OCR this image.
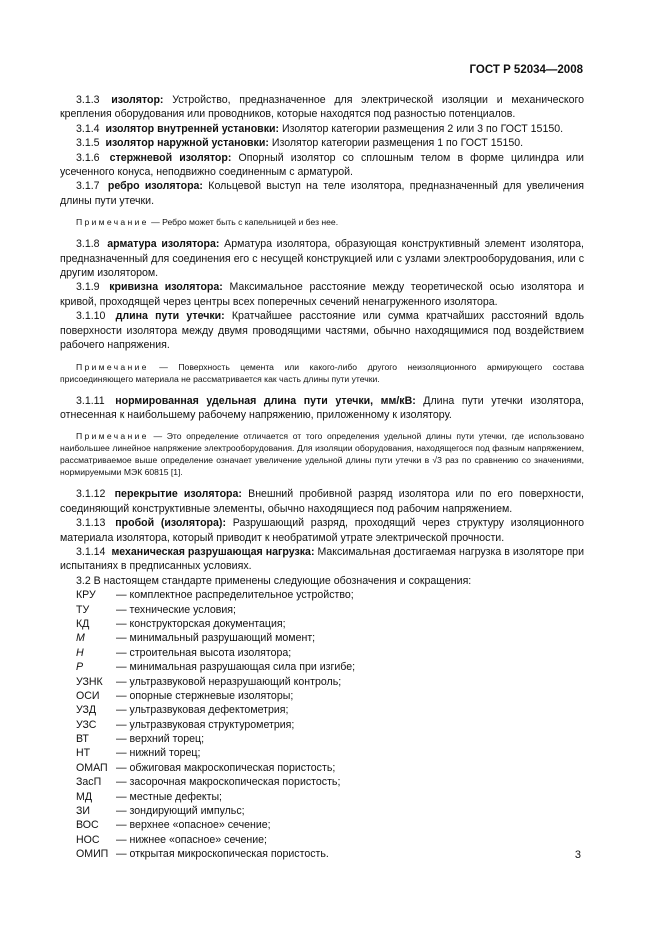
ГОСТ Р 52034—2008

3.1.3 изолятор: Устройство, предназначенное для электрической изоляции и механического крепления оборудования или проводников, которые находятся под разностью потенциалов.

3.1.4 изолятор внутренней установки: Изолятор категории размещения 2 или 3 по ГОСТ 15150.

3.1.5 изолятор наружной установки: Изолятор категории размещения 1 по ГОСТ 15150.

3.1.6 стержневой изолятор: Опорный изолятор со сплошным телом в форме цилиндра или усеченного конуса, неподвижно соединенным с арматурой.

3.1.7 ребро изолятора: Кольцевой выступ на теле изолятора, предназначенный для увеличения длины пути утечки.

Примечание — Ребро может быть с капельницей и без нее.

3.1.8 арматура изолятора: Арматура изолятора, образующая конструктивный элемент изолятора, предназначенный для соединения его с несущей конструкцией или с узлами электрооборудования, или с другим изолятором.

3.1.9 кривизна изолятора: Максимальное расстояние между теоретической осью изолятора и кривой, проходящей через центры всех поперечных сечений ненагруженного изолятора.

3.1.10 длина пути утечки: Кратчайшее расстояние или сумма кратчайших расстояний вдоль поверхности изолятора между двумя проводящими частями, обычно находящимися под воздействием рабочего напряжения.

Примечание — Поверхность цемента или какого-либо другого неизоляционного армирующего состава присоединяющего материала не рассматривается как часть длины пути утечки.

3.1.11 нормированная удельная длина пути утечки, мм/кВ: Длина пути утечки изолятора, отнесенная к наибольшему рабочему напряжению, приложенному к изолятору.

Примечание — Это определение отличается от того определения удельной длины пути утечки, где использовано наибольшее линейное напряжение электрооборудования. Для изоляции оборудования, находящегося под фазным напряжением, рассматриваемое выше определение означает увеличение удельной длины пути утечки в √3 раз по сравнению со значениями, нормируемыми МЭК 60815 [1].

3.1.12 перекрытие изолятора: Внешний пробивной разряд изолятора или по его поверхности, соединяющий конструктивные элементы, обычно находящиеся под рабочим напряжением.

3.1.13 пробой (изолятора): Разрушающий разряд, проходящий через структуру изоляционного материала изолятора, который приводит к необратимой утрате электрической прочности.

3.1.14 механическая разрушающая нагрузка: Максимальная достигаемая нагрузка в изоляторе при испытаниях в предписанных условиях.

3.2 В настоящем стандарте применены следующие обозначения и сокращения:

КРУ	— комплектное распределительное устройство;
ТУ	— технические условия;
КД	— конструкторская документация;
M	— минимальный разрушающий момент;
H	— строительная высота изолятора;
P	— минимальная разрушающая сила при изгибе;
УЗНК	— ультразвуковой неразрушающий контроль;
ОСИ	— опорные стержневые изоляторы;
УЗД	— ультразвуковая дефектометрия;
УЗС	— ультразвуковая структурометрия;
ВТ	— верхний торец;
НТ	— нижний торец;
ОМАП — обжиговая макроскопическая пористость;
ЗасП	— засорочная макроскопическая пористость;
МД	— местные дефекты;
ЗИ	— зондирующий импульс;
ВОС	— верхнее «опасное» сечение;
НОС	— нижнее «опасное» сечение;
ОМИП — открытая микроскопическая пористость.	3
